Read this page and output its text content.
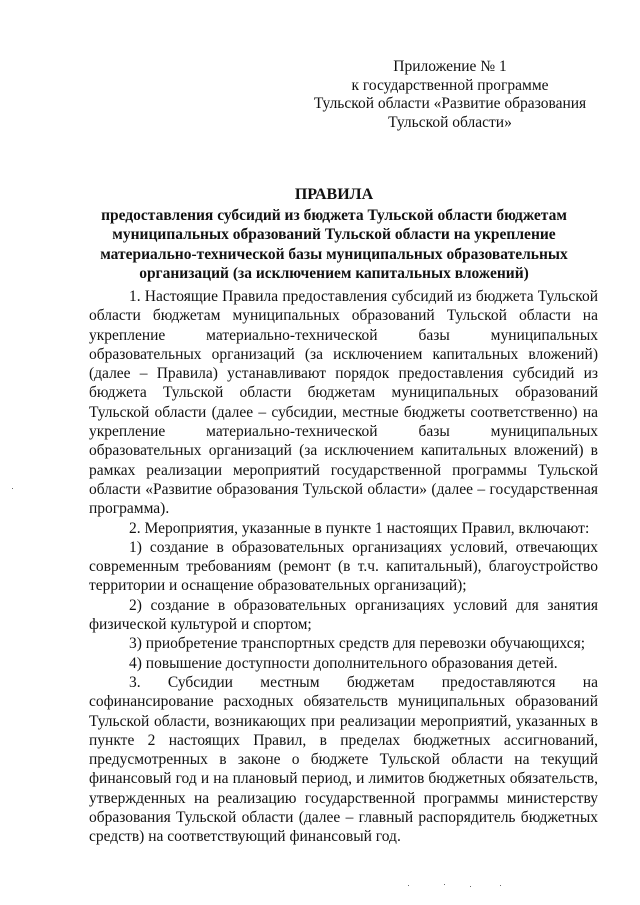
Приложение № 1
к государственной программе
Тульской области «Развитие образования
Тульской области»
ПРАВИЛА
предоставления субсидий из бюджета Тульской области бюджетам муниципальных образований Тульской области на укрепление материально-технической базы муниципальных образовательных организаций (за исключением капитальных вложений)

1. Настоящие Правила предоставления субсидий из бюджета Тульской области бюджетам муниципальных образований Тульской области на укрепление материально-технической базы муниципальных образовательных организаций (за исключением капитальных вложений) (далее – Правила) устанавливают порядок предоставления субсидий из бюджета Тульской области бюджетам муниципальных образований Тульской области (далее – субсидии, местные бюджеты соответственно) на укрепление материально-технической базы муниципальных образовательных организаций (за исключением капитальных вложений) в рамках реализации мероприятий государственной программы Тульской области «Развитие образования Тульской области» (далее – государственная программа).

2. Мероприятия, указанные в пункте 1 настоящих Правил, включают:

1) создание в образовательных организациях условий, отвечающих современным требованиям (ремонт (в т.ч. капитальный), благоустройство территории и оснащение образовательных организаций);

2) создание в образовательных организациях условий для занятия физической культурой и спортом;

3) приобретение транспортных средств для перевозки обучающихся;

4) повышение доступности дополнительного образования детей.

3. Субсидии местным бюджетам предоставляются на софинансирование расходных обязательств муниципальных образований Тульской области, возникающих при реализации мероприятий, указанных в пункте 2 настоящих Правил, в пределах бюджетных ассигнований, предусмотренных в законе о бюджете Тульской области на текущий финансовый год и на плановый период, и лимитов бюджетных обязательств, утвержденных на реализацию государственной программы министерству образования Тульской области (далее – главный распорядитель бюджетных средств) на соответствующий финансовый год.
